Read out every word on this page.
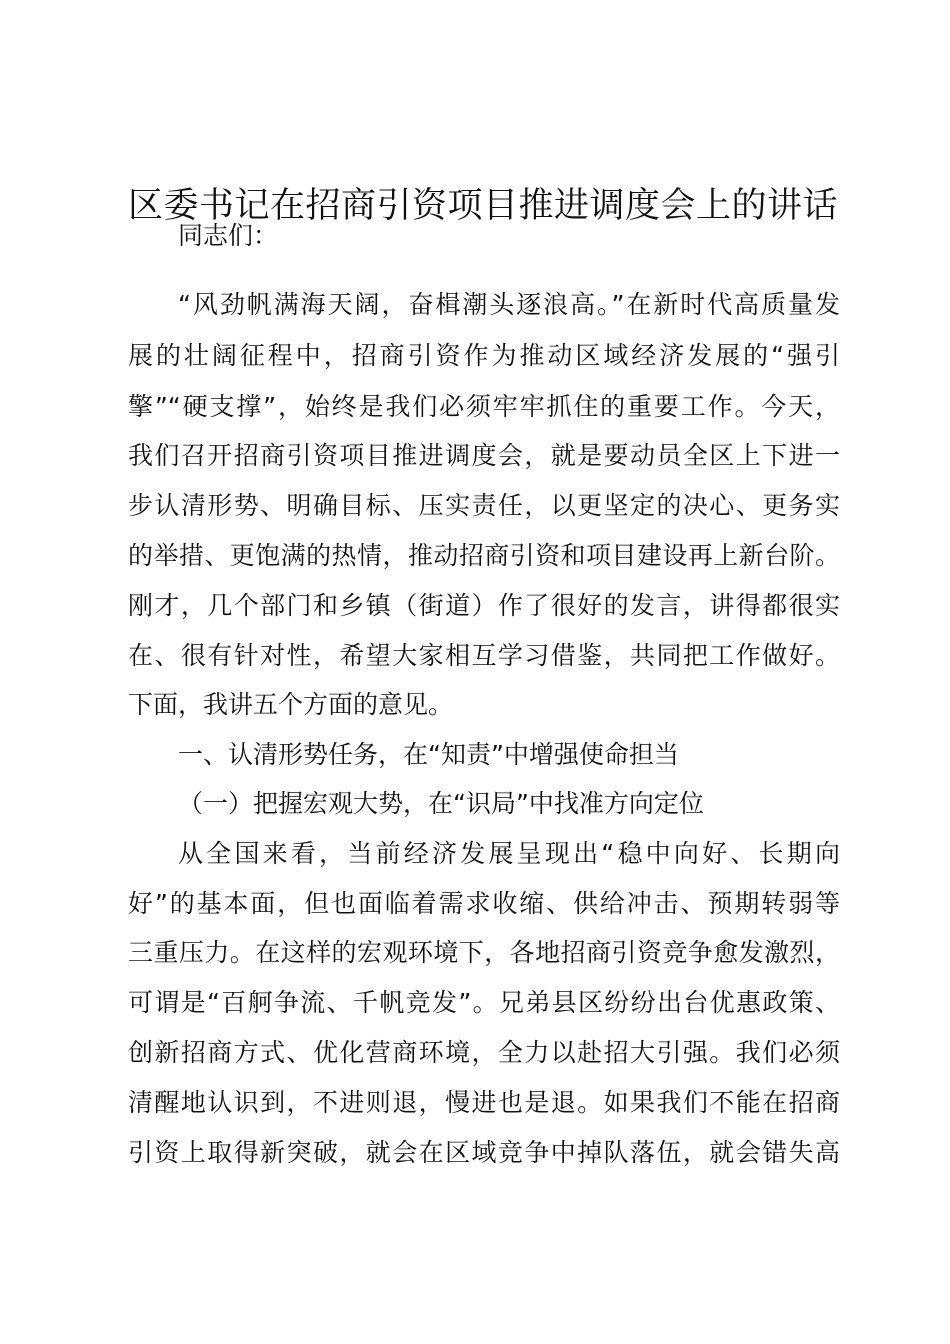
区委书记在招商引资项目推进调度会上的讲话

同志们：

“风劲帆满海天阔，奋楫潮头逐浪高。”在新时代高质量发

展的壮阔征程中，招商引资作为推动区域经济发展的“强引

擎”“硬支撑”，始终是我们必须牢牢抓住的重要工作。今天，

我们召开招商引资项目推进调度会，就是要动员全区上下进一

步认清形势、明确目标、压实责任，以更坚定的决心、更务实

的举措、更饱满的热情，推动招商引资和项目建设再上新台阶。

刚才，几个部门和乡镇（街道）作了很好的发言，讲得都很实

在、很有针对性，希望大家相互学习借鉴，共同把工作做好。

下面，我讲五个方面的意见。

一、认清形势任务，在“知责”中增强使命担当

（一）把握宏观大势，在“识局”中找准方向定位

从全国来看，当前经济发展呈现出“稳中向好、长期向

好”的基本面，但也面临着需求收缩、供给冲击、预期转弱等

三重压力。在这样的宏观环境下，各地招商引资竞争愈发激烈，

可谓是“百舸争流、千帆竞发”。兄弟县区纷纷出台优惠政策、

创新招商方式、优化营商环境，全力以赴招大引强。我们必须

清醒地认识到，不进则退，慢进也是退。如果我们不能在招商

引资上取得新突破，就会在区域竞争中掉队落伍，就会错失高
